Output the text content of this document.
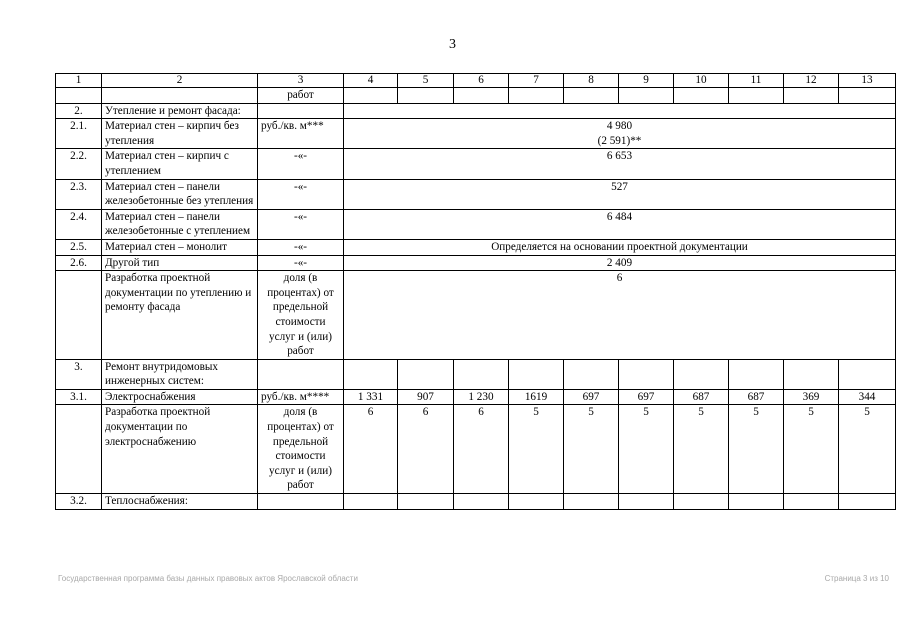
3
1	2	3	4	5	6	7	8	9	10	11	12	13
		работ										
2.	Утепление и ремонт фасада:											
2.1.	Материал стен – кирпич без утепления	руб./кв. м***	4 980
(2 591)**									

2.2.	Материал стен – кирпич с утеплением	-«-	6 653									
2.3.	Материал стен – панели железобетонные без утепления	-«-	527									
2.4.	Материал стен – панели железобетонные с утеплением	-«-	6 484									
2.5.	Материал стен – монолит	-«-	Определяется на основании проектной документации									
2.6.	Другой тип	-«-	2 409									
	Разработка проектной документации по утеплению и ремонту фасада	доля (в процентах) от предельной стоимости услуг и (или) работ	6									
3.	Ремонт внутридомовых инженерных систем:											
3.1.	Электроснабжения	руб./кв. м****	1 331	907	1 230	1619	697	697	687	687	369	344
	Разработка проектной документации по электроснабжению	доля (в процентах) от предельной стоимости услуг и (или) работ	6	6	6	5	5	5	5	5	5	5
3.2.	Теплоснабжения:											
Государственная программа базы данных правовых актов Ярославской области	Страница 3 из 10
